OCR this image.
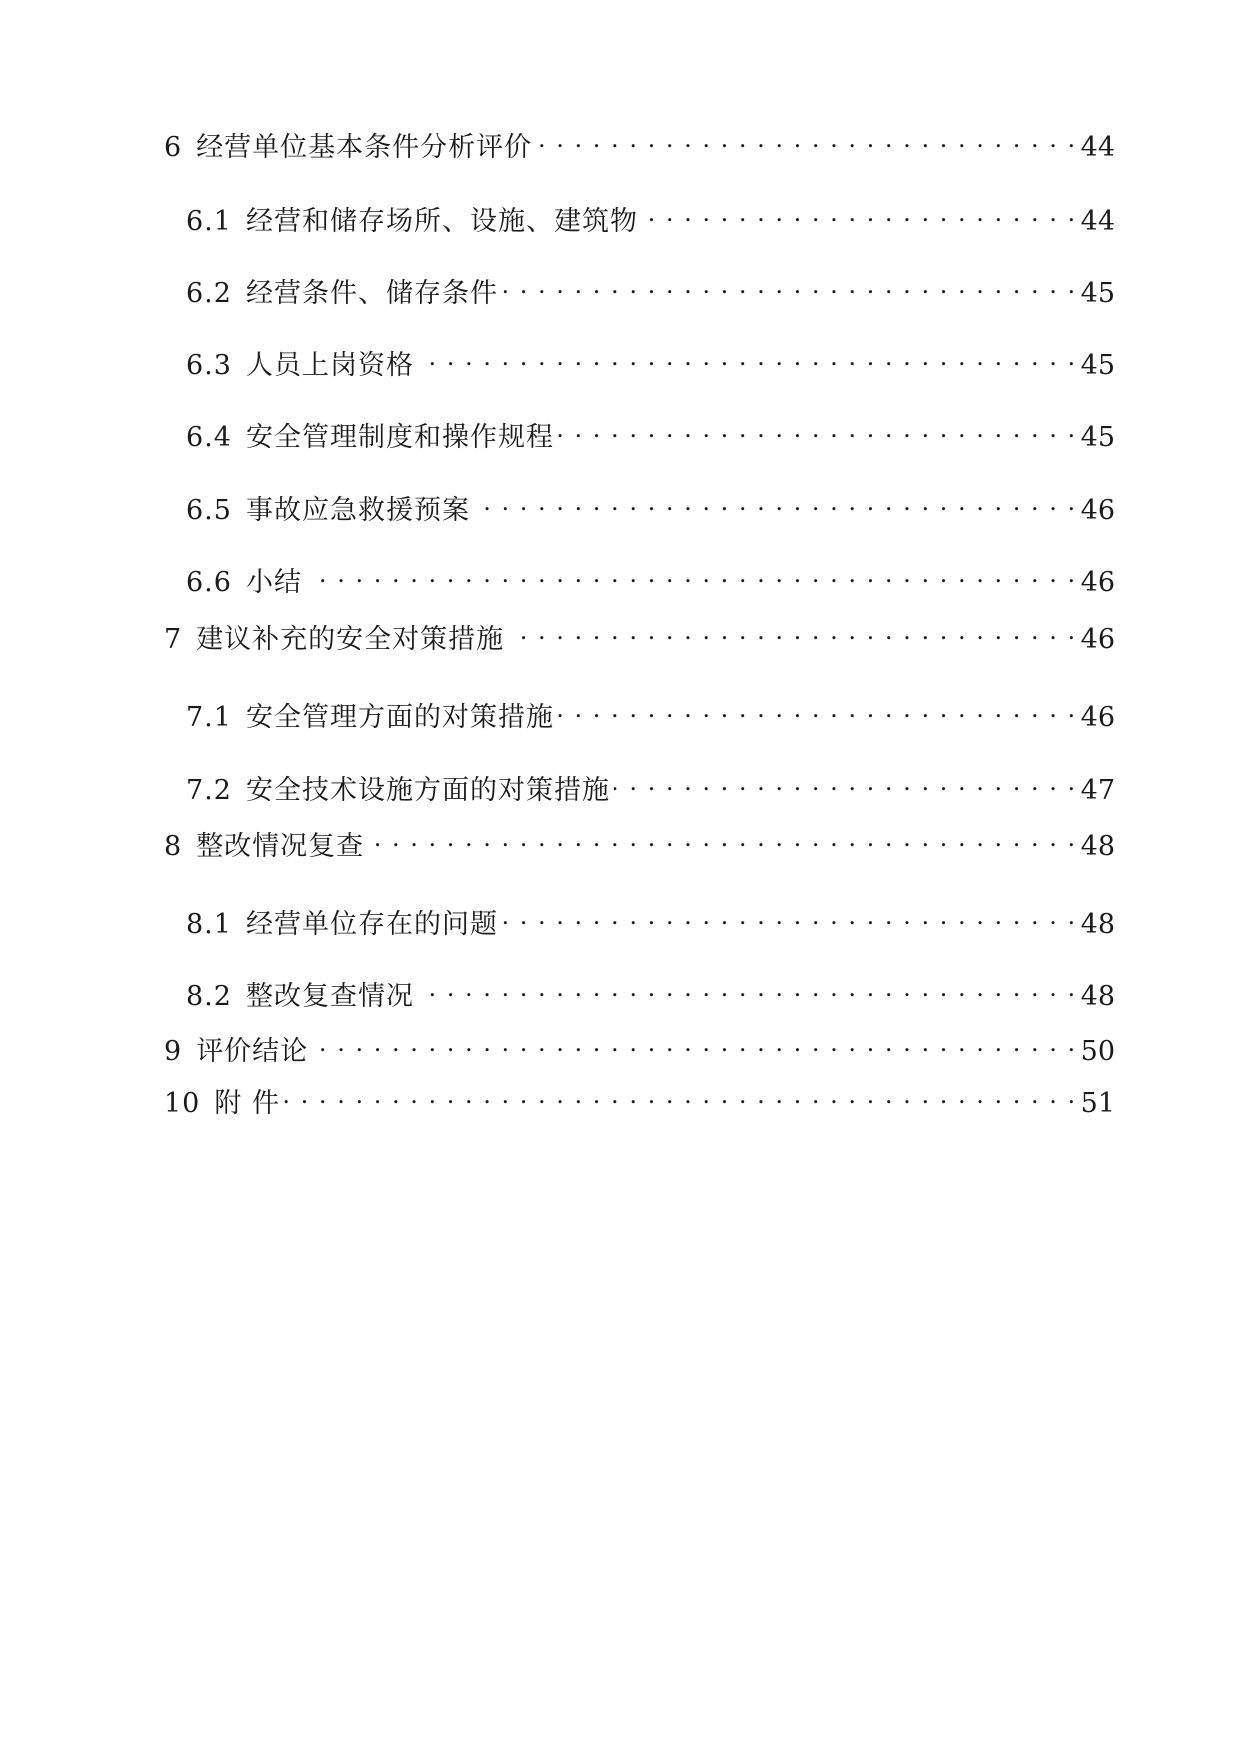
6 经营单位基本条件分析评价 . . .	44
6.1 经营和储存场所、设施、建筑物 . . .	44
6.2 经营条件、储存条件 . . .	45
6.3 人员上岗资格 . . .	45
6.4 安全管理制度和操作规程 . . .	45
6.5 事故应急救援预案 . . .	46
6.6 小结 . . .	46
7 建议补充的安全对策措施 . . .	46
7.1 安全管理方面的对策措施 . . .	46
7.2 安全技术设施方面的对策措施 . . .	47
8 整改情况复查 . . .	48
8.1 经营单位存在的问题 . . .	48
8.2 整改复查情况 . . .	48
9 评价结论 . . .	50
10 附 件 . . .	51
